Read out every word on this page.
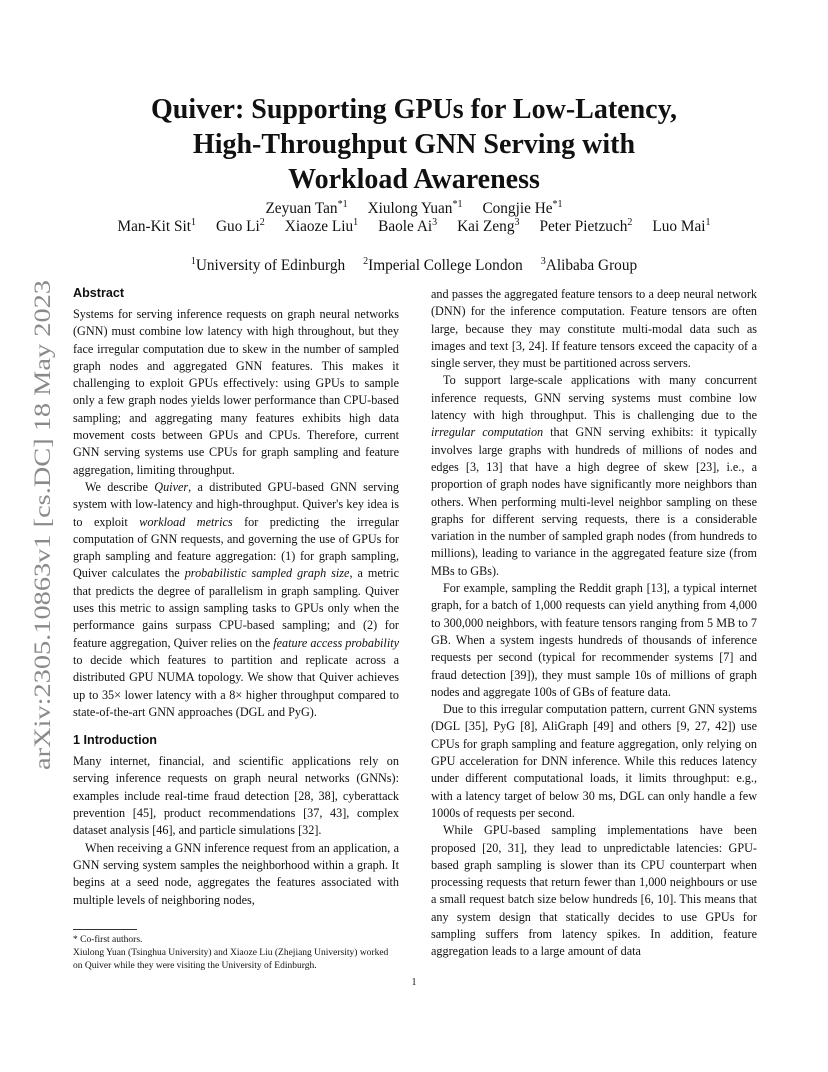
arXiv:2305.10863v1 [cs.DC] 18 May 2023
Quiver: Supporting GPUs for Low-Latency,
High-Throughput GNN Serving with
Workload Awareness
Zeyuan Tan$^{*1}$ Xiulong Yuan$^{*1}$ Congjie He$^{*1}$
Man-Kit Sit$^1$ Guo Li$^2$ Xiaoze Liu$^1$ Baole Ai$^3$ Kai Zeng$^3$ Peter Pietzuch$^2$ Luo Mai$^1$
$^1$University of Edinburgh $^2$Imperial College London $^3$Alibaba Group
Abstract

Systems for serving inference requests on graph neural networks (GNN) must combine low latency with high throughout, but they face irregular computation due to skew in the number of sampled graph nodes and aggregated GNN features. This makes it challenging to exploit GPUs effectively: using GPUs to sample only a few graph nodes yields lower performance than CPU-based sampling; and aggregating many features exhibits high data movement costs between GPUs and CPUs. Therefore, current GNN serving systems use CPUs for graph sampling and feature aggregation, limiting throughput.

We describe Quiver, a distributed GPU-based GNN serving system with low-latency and high-throughput. Quiver's key idea is to exploit workload metrics for predicting the irregular computation of GNN requests, and governing the use of GPUs for graph sampling and feature aggregation: (1) for graph sampling, Quiver calculates the probabilistic sampled graph size, a metric that predicts the degree of parallelism in graph sampling. Quiver uses this metric to assign sampling tasks to GPUs only when the performance gains surpass CPU-based sampling; and (2) for feature aggregation, Quiver relies on the feature access probability to decide which features to partition and replicate across a distributed GPU NUMA topology. We show that Quiver achieves up to 35× lower latency with a 8× higher throughput compared to state-of-the-art GNN approaches (DGL and PyG).

1 Introduction

Many internet, financial, and scientific applications rely on serving inference requests on graph neural networks (GNNs): examples include real-time fraud detection [28, 38], cyberattack prevention [45], product recommendations [37, 43], complex dataset analysis [46], and particle simulations [32].

When receiving a GNN inference request from an application, a GNN serving system samples the neighborhood within a graph. It begins at a seed node, aggregates the features associated with multiple levels of neighboring nodes,

and passes the aggregated feature tensors to a deep neural network (DNN) for the inference computation. Feature tensors are often large, because they may constitute multi-modal data such as images and text [3, 24]. If feature tensors exceed the capacity of a single server, they must be partitioned across servers.

To support large-scale applications with many concurrent inference requests, GNN serving systems must combine low latency with high throughput. This is challenging due to the irregular computation that GNN serving exhibits: it typically involves large graphs with hundreds of millions of nodes and edges [3, 13] that have a high degree of skew [23], i.e., a proportion of graph nodes have significantly more neighbors than others. When performing multi-level neighbor sampling on these graphs for different serving requests, there is a considerable variation in the number of sampled graph nodes (from hundreds to millions), leading to variance in the aggregated feature size (from MBs to GBs).

For example, sampling the Reddit graph [13], a typical internet graph, for a batch of 1,000 requests can yield anything from 4,000 to 300,000 neighbors, with feature tensors ranging from 5 MB to 7 GB. When a system ingests hundreds of thousands of inference requests per second (typical for recommender systems [7] and fraud detection [39]), they must sample 10s of millions of graph nodes and aggregate 100s of GBs of feature data.

Due to this irregular computation pattern, current GNN systems (DGL [35], PyG [8], AliGraph [49] and others [9, 27, 42]) use CPUs for graph sampling and feature aggregation, only relying on GPU acceleration for DNN inference. While this reduces latency under different computational loads, it limits throughput: e.g., with a latency target of below 30 ms, DGL can only handle a few 1000s of requests per second.

While GPU-based sampling implementations have been proposed [20, 31], they lead to unpredictable latencies: GPU-based graph sampling is slower than its CPU counterpart when processing requests that return fewer than 1,000 neighbours or use a small request batch size below hundreds [6, 10]. This means that any system design that statically decides to use GPUs for sampling suffers from latency spikes. In addition, feature aggregation leads to a large amount of data

* Co-first authors.

Xiulong Yuan (Tsinghua University) and Xiaoze Liu (Zhejiang University) worked on Quiver while they were visiting the University of Edinburgh.

1
